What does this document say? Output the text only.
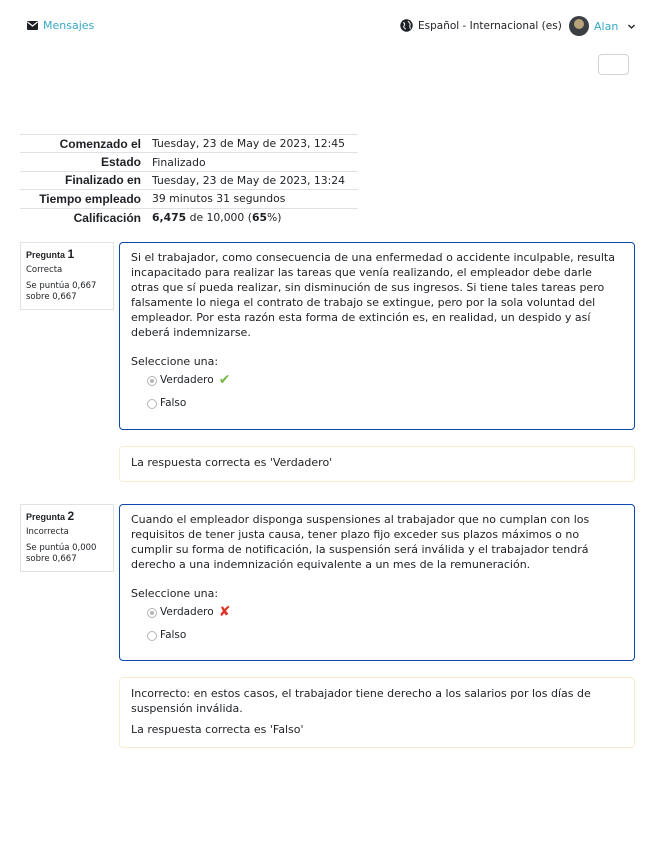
Mensajes	Español - Internacional (es)	Alan
Comenzado el	Tuesday, 23 de May de 2023, 12:45
Estado	Finalizado
Finalizado en	Tuesday, 23 de May de 2023, 13:24
Tiempo empleado	39 minutos 31 segundos
Calificación	6,475 de 10,000 (65%)
Pregunta 1
Correcta
Se puntúa 0,667 sobre 0,667
Si el trabajador, como consecuencia de una enfermedad o accidente inculpable, resulta incapacitado para realizar las tareas que venía realizando, el empleador debe darle otras que sí pueda realizar, sin disminución de sus ingresos. Si tiene tales tareas pero falsamente lo niega el contrato de trabajo se extingue, pero por la sola voluntad del empleador. Por esta razón esta forma de extinción es, en realidad, un despido y así deberá indemnizarse.
Seleccione una:
Verdadero ✔
Falso
La respuesta correcta es 'Verdadero'
Pregunta 2
Incorrecta
Se puntúa 0,000 sobre 0,667
Cuando el empleador disponga suspensiones al trabajador que no cumplan con los requisitos de tener justa causa, tener plazo fijo exceder sus plazos máximos o no cumplir su forma de notificación, la suspensión será inválida y el trabajador tendrá derecho a una indemnización equivalente a un mes de la remuneración.
Seleccione una:
Verdadero ✘
Falso
Incorrecto: en estos casos, el trabajador tiene derecho a los salarios por los días de suspensión inválida.
La respuesta correcta es 'Falso'
